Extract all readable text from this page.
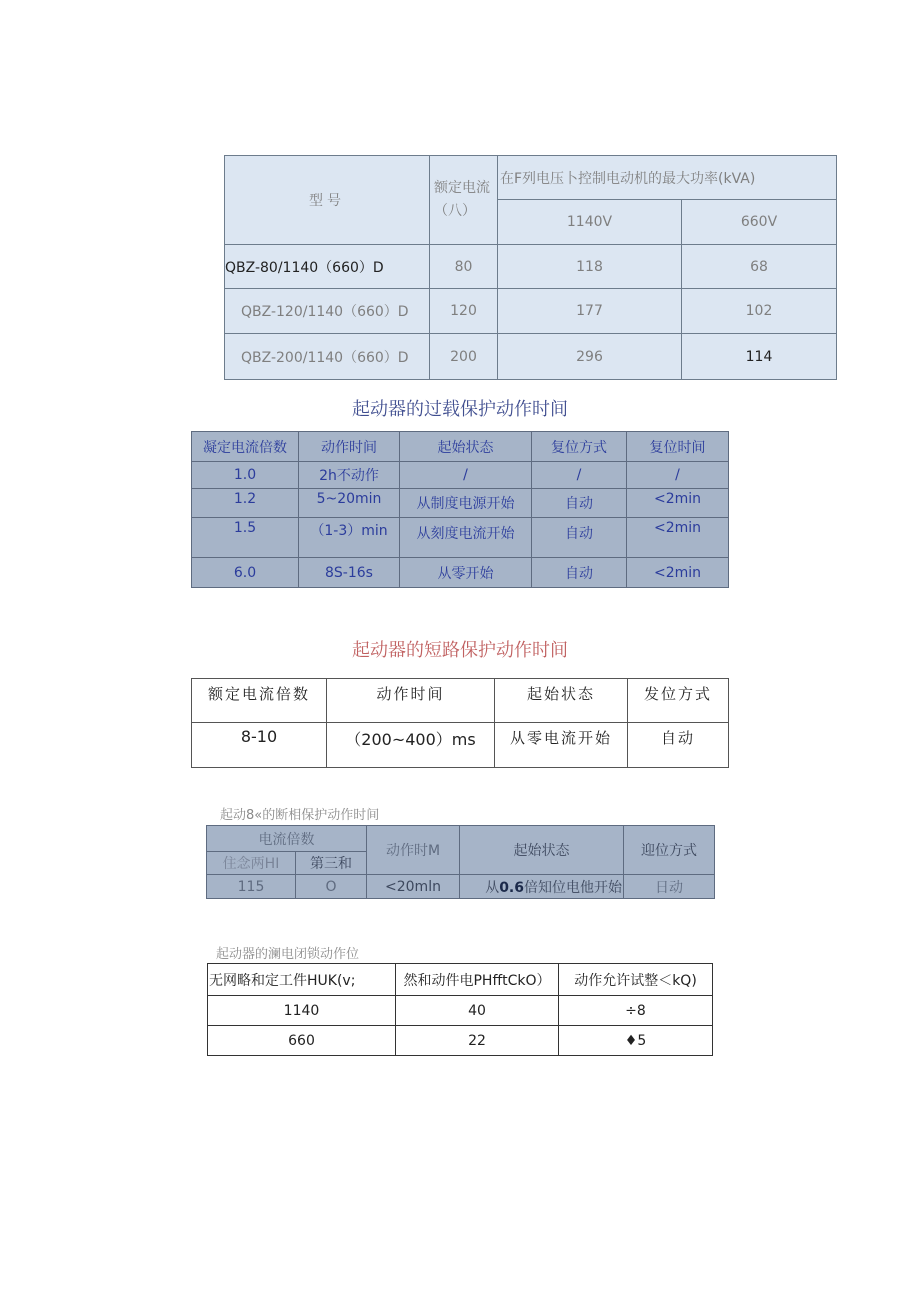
型号	额定电流（八）	在F列电压卜控制电动机的最大功率(kVA)	
		1140V	660V
QBZ-80/1140（660）D	80	118	68
QBZ-120/1140（660）D	120	177	102
QBZ-200/1140（660）D	200	296	114
起动器的过载保护动作时间
凝定电流倍数	动作时间	起始状态	复位方式	复位时间
1.0	2h不动作	/	/	/
1.2	5~20min	从制度电源开始	自动	<2min
1.5	（1-3）min	从刻度电流开始	自动	<2min
6.0	8S-16s	从零开始	自动	<2min
起动器的短路保护动作时间
额定电流倍数	动作时间	起始状态	发位方式
8-10	（200~400）ms	从零电流开始	自动
起动8«的断相保护动作时间
电流倍数		动作时M	起始状态	迎位方式
住念两HI	第三和			
115	O	<20mln	从0.6倍知位电他开始	日动
起动器的澜电闭锁动作位
无网略和定工件HUK(v;	然和动件电PHfftCkO）	动作允许试整＜kQ)
1140	40	÷8
660	22	♦5
